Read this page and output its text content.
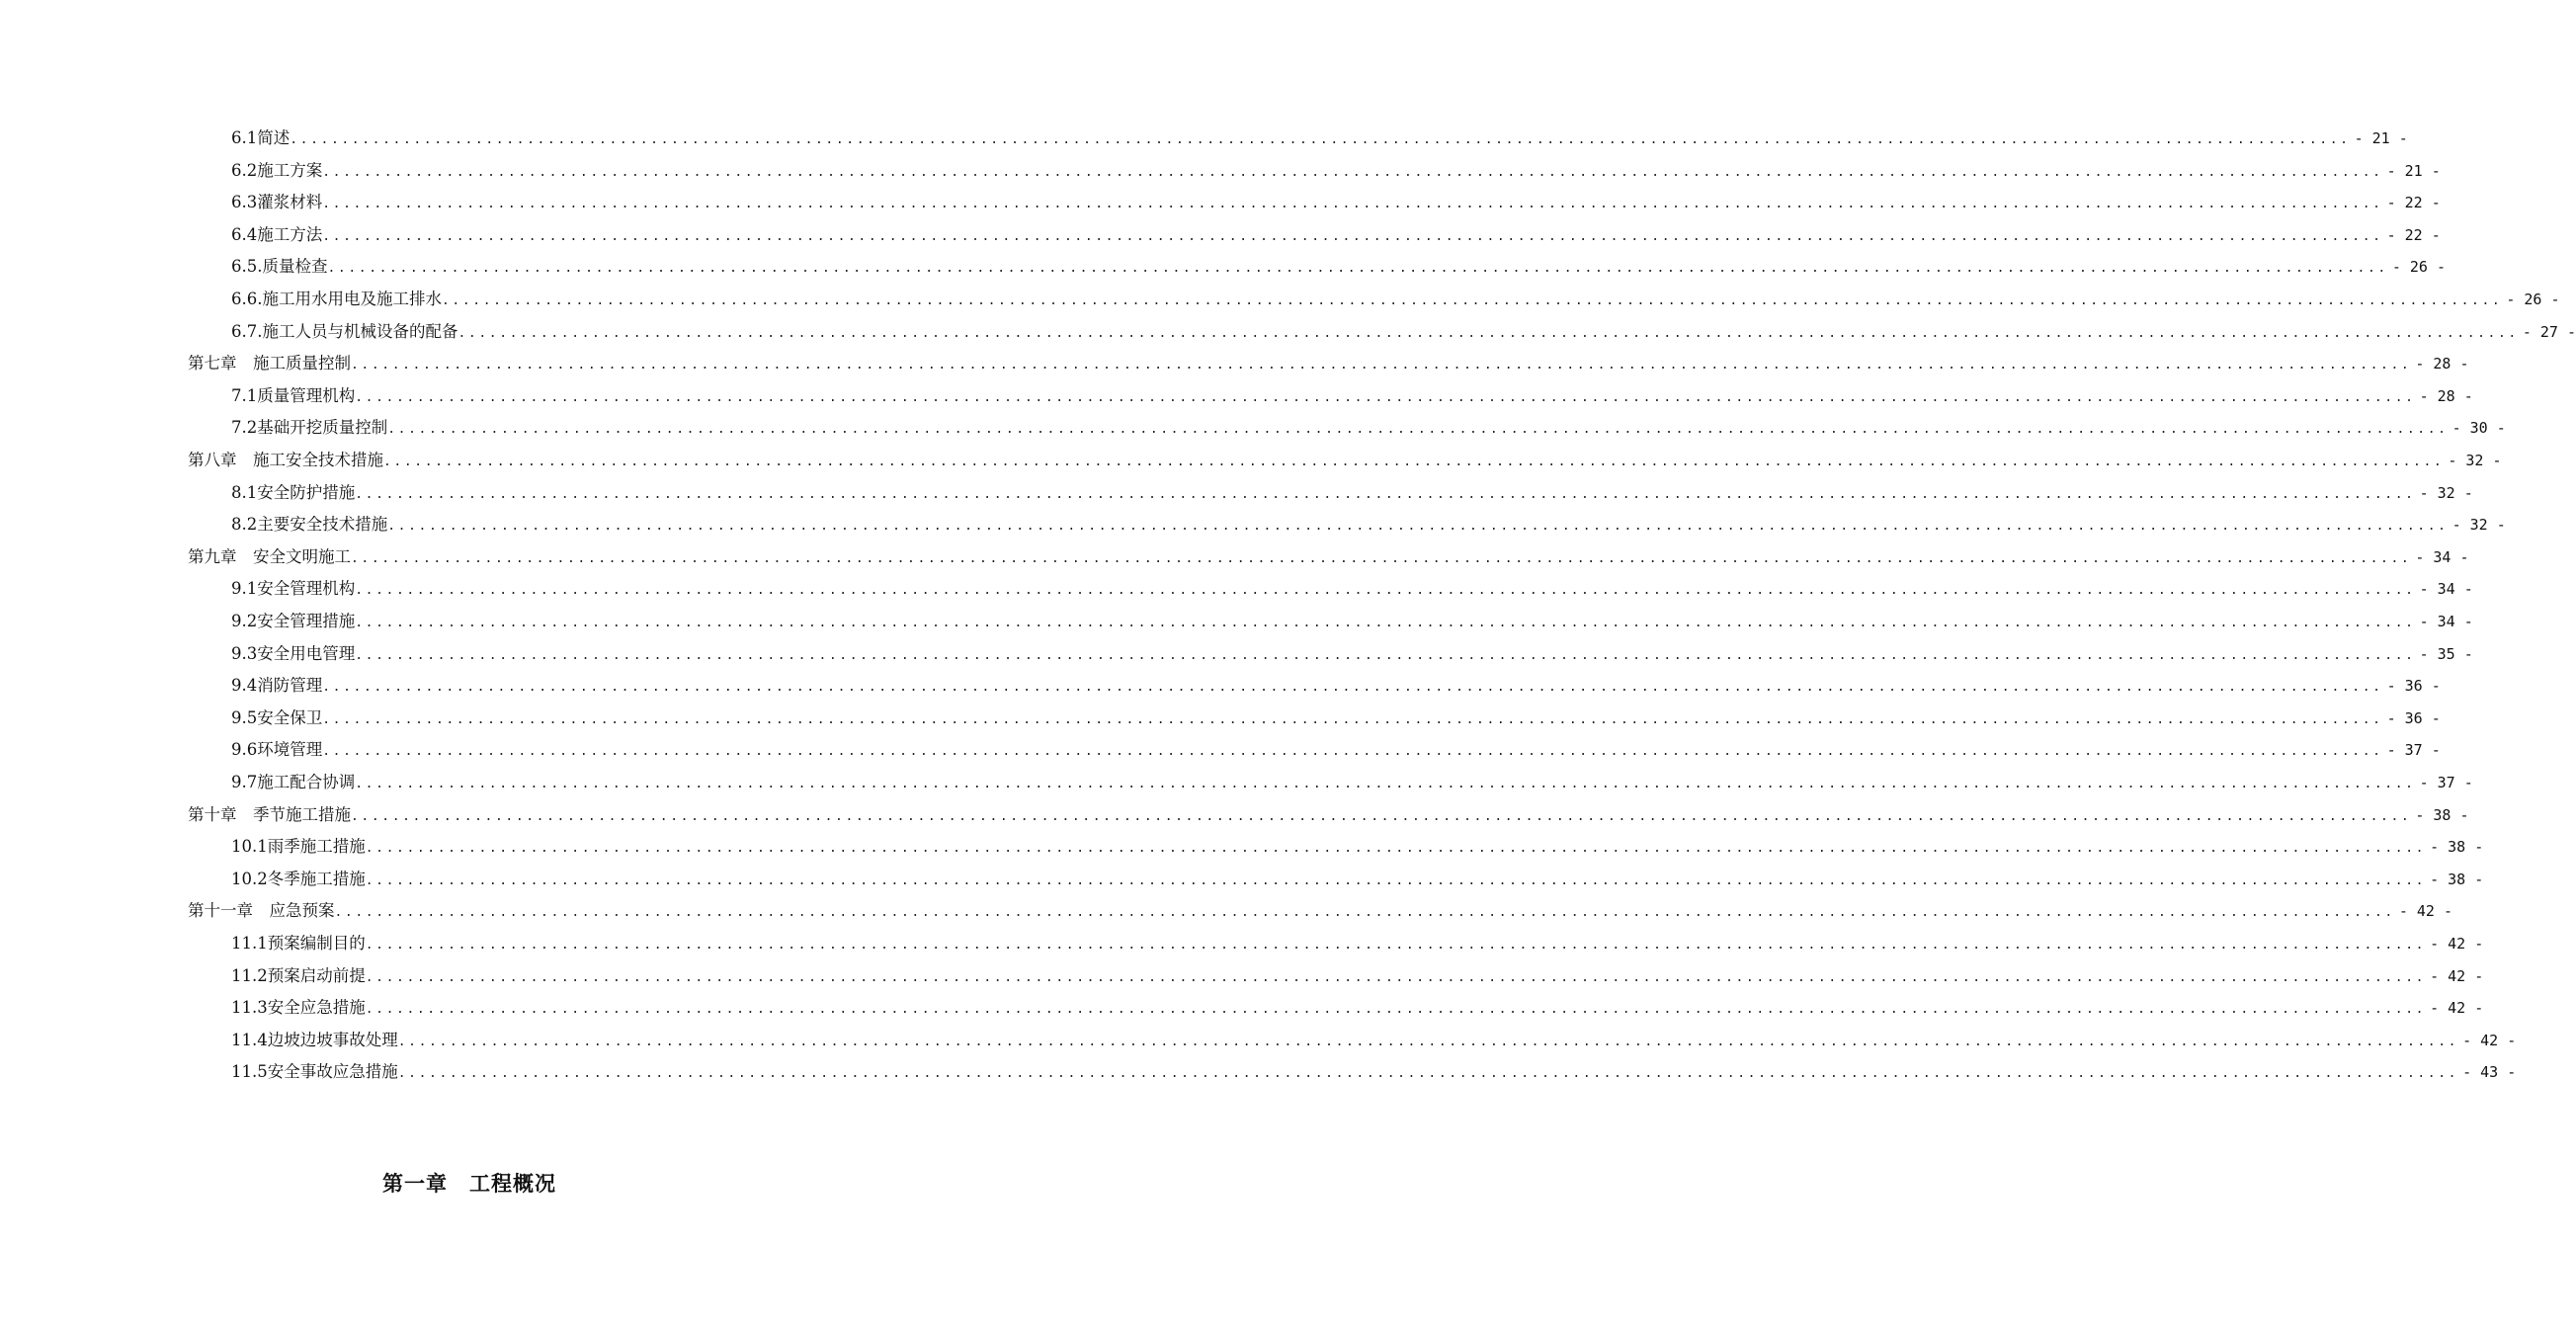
6.1简述 ........................................................................................................................................................................................................ - 21 -
6.2施工方案 ........................................................................................................................................................................................................ - 21 -
6.3灌浆材料 ........................................................................................................................................................................................................ - 22 -
6.4施工方法 ........................................................................................................................................................................................................ - 22 -
6.5.质量检查 ........................................................................................................................................................................................................ - 26 -
6.6.施工用水用电及施工排水 ........................................................................................................................................................................................................ - 26 -
6.7.施工人员与机械设备的配备 ........................................................................................................................................................................................................ - 27 -
第七章　施工质量控制 ........................................................................................................................................................................................................ - 28 -
7.1质量管理机构 ........................................................................................................................................................................................................ - 28 -
7.2基础开挖质量控制 ........................................................................................................................................................................................................ - 30 -
第八章　施工安全技术措施 ........................................................................................................................................................................................................ - 32 -
8.1安全防护措施 ........................................................................................................................................................................................................ - 32 -
8.2主要安全技术措施 ........................................................................................................................................................................................................ - 32 -
第九章　安全文明施工 ........................................................................................................................................................................................................ - 34 -
9.1安全管理机构 ........................................................................................................................................................................................................ - 34 -
9.2安全管理措施 ........................................................................................................................................................................................................ - 34 -
9.3安全用电管理 ........................................................................................................................................................................................................ - 35 -
9.4消防管理 ........................................................................................................................................................................................................ - 36 -
9.5安全保卫 ........................................................................................................................................................................................................ - 36 -
9.6环境管理 ........................................................................................................................................................................................................ - 37 -
9.7施工配合协调 ........................................................................................................................................................................................................ - 37 -
第十章　季节施工措施 ........................................................................................................................................................................................................ - 38 -
10.1雨季施工措施 ........................................................................................................................................................................................................ - 38 -
10.2冬季施工措施 ........................................................................................................................................................................................................ - 38 -
第十一章　应急预案 ........................................................................................................................................................................................................ - 42 -
11.1预案编制目的 ........................................................................................................................................................................................................ - 42 -
11.2预案启动前提 ........................................................................................................................................................................................................ - 42 -
11.3安全应急措施 ........................................................................................................................................................................................................ - 42 -
11.4边坡边坡事故处理 ........................................................................................................................................................................................................ - 42 -
11.5安全事故应急措施 ........................................................................................................................................................................................................ - 43 -
第一章　工程概况
